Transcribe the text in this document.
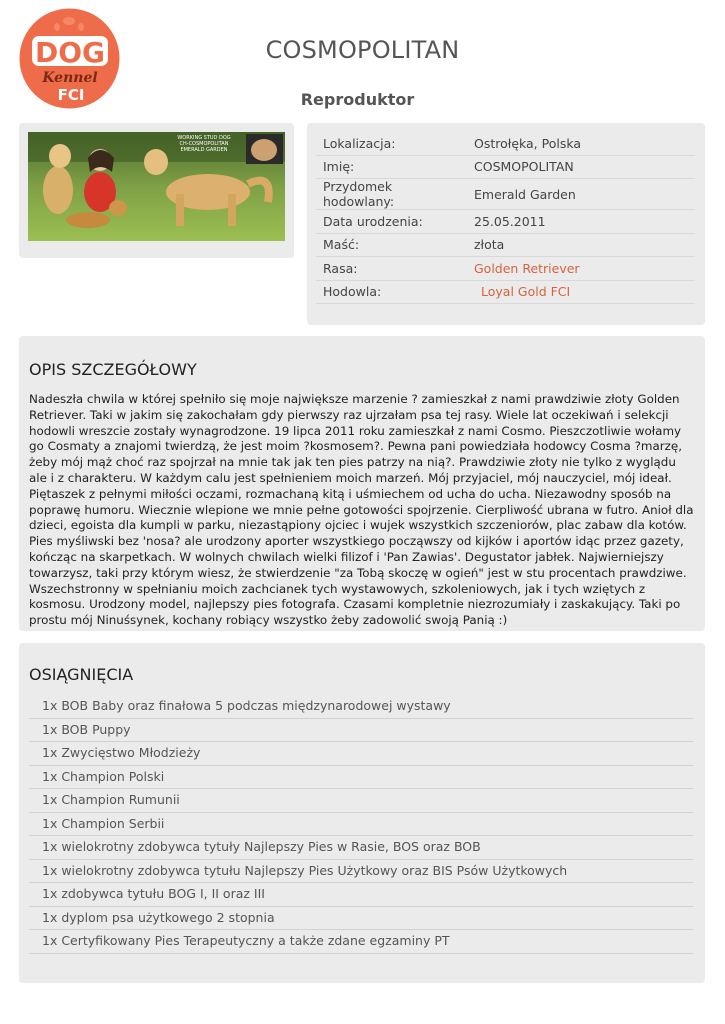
DOG
Kennel
FCI
COSMOPOLITAN
Reproduktor
WORKING STUD DOG
CH-COSMOPOLITAN
EMERALD GARDEN	Lokalizacja:	Ostrołęka, Polska
Imię:	COSMOPOLITAN
Przydomek hodowlany:	Emerald Garden
Data urodzenia:	25.05.2011
Maść:	złota
Rasa:	Golden Retriever
Hodowla:	Loyal Gold FCI
OPIS SZCZEGÓŁOWY

Nadeszła chwila w której spełniło się moje największe marzenie ? zamieszkał z nami prawdziwie złoty Golden Retriever. Taki w jakim się zakochałam gdy pierwszy raz ujrzałam psa tej rasy. Wiele lat oczekiwań i selekcji hodowli wreszcie zostały wynagrodzone. 19 lipca 2011 roku zamieszkał z nami Cosmo. Pieszczotliwie wołamy go Cosmaty a znajomi twierdzą, że jest moim ?kosmosem?. Pewna pani powiedziała hodowcy Cosma ?marzę, żeby mój mąż choć raz spojrzał na mnie tak jak ten pies patrzy na nią?. Prawdziwie złoty nie tylko z wyglądu ale i z charakteru. W każdym calu jest spełnieniem moich marzeń. Mój przyjaciel, mój nauczyciel, mój ideał. Piętaszek z pełnymi miłości oczami, rozmachaną kitą i uśmiechem od ucha do ucha. Niezawodny sposób na poprawę humoru. Wiecznie wlepione we mnie pełne gotowości spojrzenie. Cierpliwość ubrana w futro. Anioł dla dzieci, egoista dla kumpli w parku, niezastąpiony ojciec i wujek wszystkich szczeniorów, plac zabaw dla kotów. Pies myśliwski bez 'nosa? ale urodzony aporter wszystkiego począwszy od kijków i aportów idąc przez gazety, kończąc na skarpetkach. W wolnych chwilach wielki filizof i 'Pan Zawias'. Degustator jabłek. Najwierniejszy towarzysz, taki przy którym wiesz, że stwierdzenie "za Tobą skoczę w ogień" jest w stu procentach prawdziwe. Wszechstronny w spełnianiu moich zachcianek tych wystawowych, szkoleniowych, jak i tych wziętych z kosmosu. Urodzony model, najlepszy pies fotografa. Czasami kompletnie niezrozumiały i zaskakujący. Taki po prostu mój Ninuśsynek, kochany robiący wszystko żeby zadowolić swoją Panią :)

OSIĄGNIĘCIA
1x BOB Baby oraz finałowa 5 podczas międzynarodowej wystawy
1x BOB Puppy
1x Zwycięstwo Młodzieży
1x Champion Polski
1x Champion Rumunii
1x Champion Serbii
1x wielokrotny zdobywca tytuły Najlepszy Pies w Rasie, BOS oraz BOB
1x wielokrotny zdobywca tytułu Najlepszy Pies Użytkowy oraz BIS Psów Użytkowych
1x zdobywca tytułu BOG I, II oraz III
1x dyplom psa użytkowego 2 stopnia
1x Certyfikowany Pies Terapeutyczny a także zdane egzaminy PT
